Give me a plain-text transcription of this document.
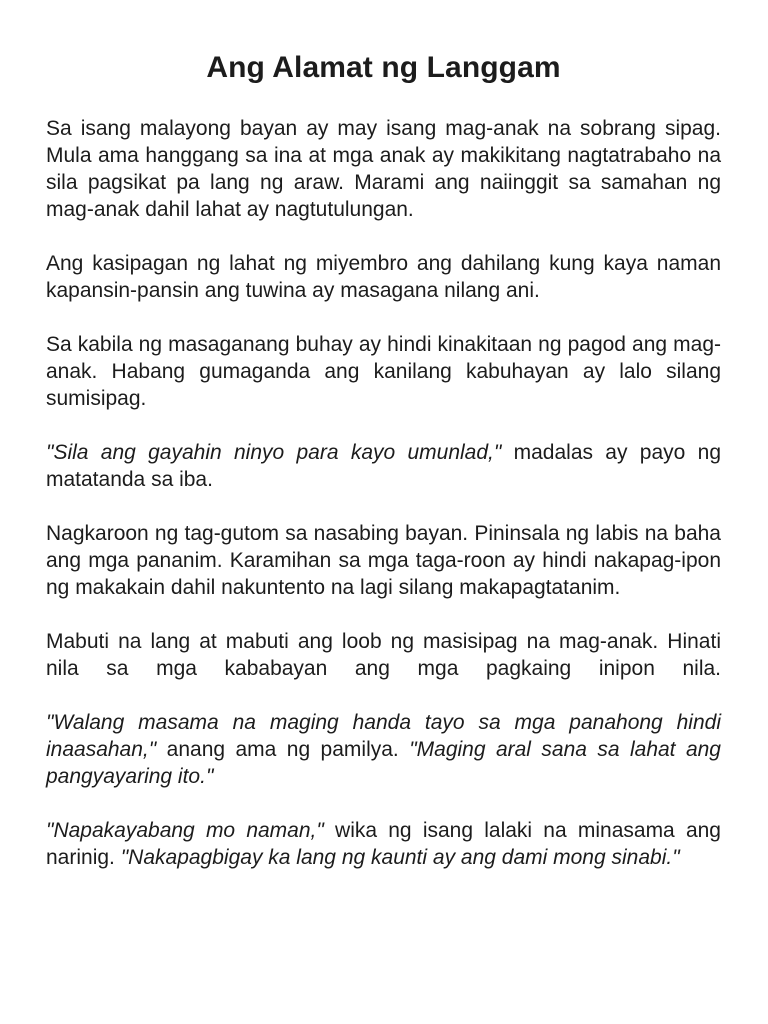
Ang Alamat ng Langgam

Sa isang malayong bayan ay may isang mag-anak na sobrang sipag. Mula ama hanggang sa ina at mga anak ay makikitang nagtatrabaho na sila pagsikat pa lang ng araw. Marami ang naiinggit sa samahan ng mag-anak dahil lahat ay nagtutulungan.

Ang kasipagan ng lahat ng miyembro ang dahilang kung kaya naman kapansin-pansin ang tuwina ay masagana nilang ani.

Sa kabila ng masaganang buhay ay hindi kinakitaan ng pagod ang mag-anak. Habang gumaganda ang kanilang kabuhayan ay lalo silang sumisipag.

"Sila ang gayahin ninyo para kayo umunlad," madalas ay payo ng matatanda sa iba.

Nagkaroon ng tag-gutom sa nasabing bayan. Pininsala ng labis na baha ang mga pananim. Karamihan sa mga taga-roon ay hindi nakapag-ipon ng makakain dahil nakuntento na lagi silang makapagtatanim.

Mabuti na lang at mabuti ang loob ng masisipag na mag-anak. Hinati nila sa mga kababayan ang mga pagkaing inipon nila.

"Walang masama na maging handa tayo sa mga panahong hindi inaasahan," anang ama ng pamilya. "Maging aral sana sa lahat ang pangyayaring ito."

"Napakayabang mo naman," wika ng isang lalaki na minasama ang narinig. "Nakapagbigay ka lang ng kaunti ay ang dami mong sinabi."
